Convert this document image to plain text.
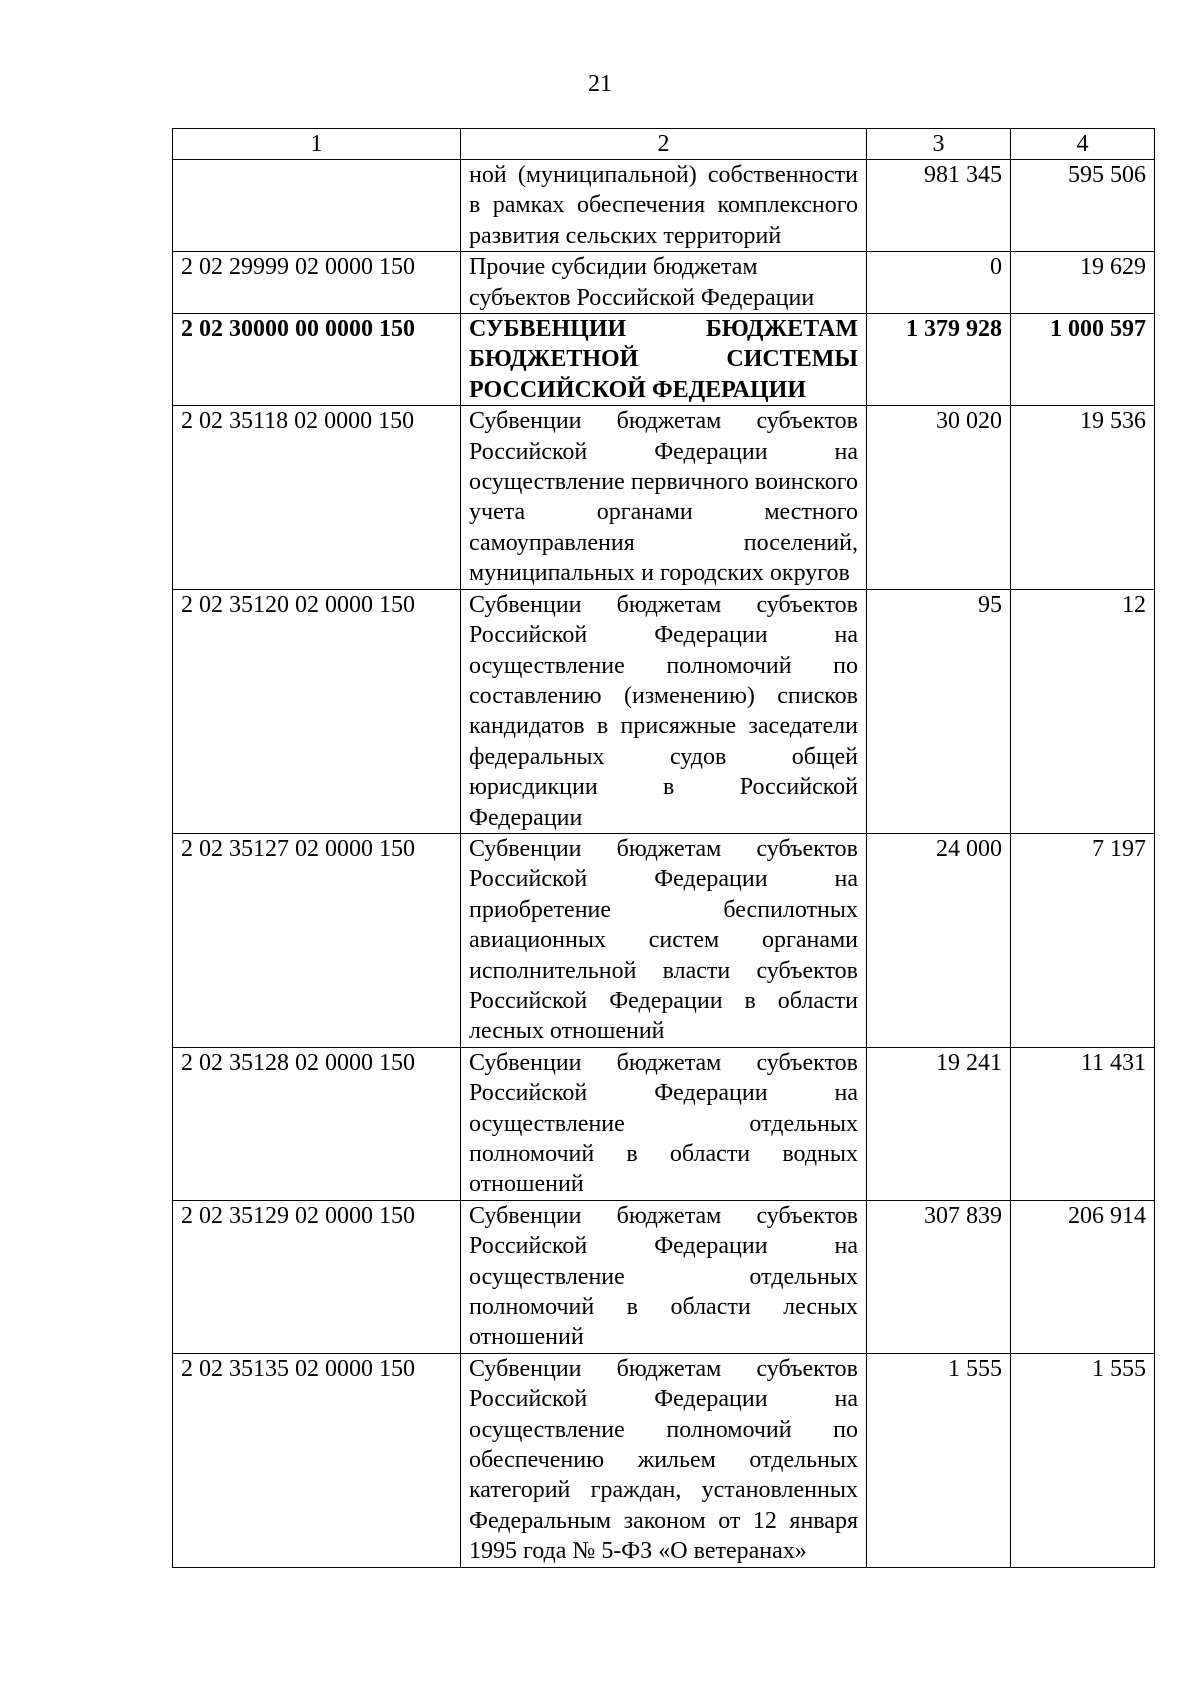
21
1	2	3	4
	ной (муниципальной) собственности в рамках обеспечения комплексного развития сельских территорий	981 345	595 506
2 02 29999 02 0000 150	Прочие субсидии бюджетам субъектов Российской Федерации	0	19 629
2 02 30000 00 0000 150	СУБВЕНЦИИ БЮДЖЕТАМ БЮДЖЕТНОЙ СИСТЕМЫ РОССИЙСКОЙ ФЕДЕРАЦИИ	1 379 928	1 000 597
2 02 35118 02 0000 150	Субвенции бюджетам субъектов Российской Федерации на осуществление первичного воинского учета органами местного самоуправления поселений, муниципальных и городских округов	30 020	19 536
2 02 35120 02 0000 150	Субвенции бюджетам субъектов Российской Федерации на осуществление полномочий по составлению (изменению) списков кандидатов в присяжные заседатели федеральных судов общей юрисдикции в Российской Федерации	95	12
2 02 35127 02 0000 150	Субвенции бюджетам субъектов Российской Федерации на приобретение беспилотных авиационных систем органами исполнительной власти субъектов Российской Федерации в области лесных отношений	24 000	7 197
2 02 35128 02 0000 150	Субвенции бюджетам субъектов Российской Федерации на осуществление отдельных полномочий в области водных отношений	19 241	11 431
2 02 35129 02 0000 150	Субвенции бюджетам субъектов Российской Федерации на осуществление отдельных полномочий в области лесных отношений	307 839	206 914
2 02 35135 02 0000 150	Субвенции бюджетам субъектов Российской Федерации на осуществление полномочий по обеспечению жильем отдельных категорий граждан, установленных Федеральным законом от 12 января 1995 года № 5-ФЗ «О ветеранах»	1 555	1 555
